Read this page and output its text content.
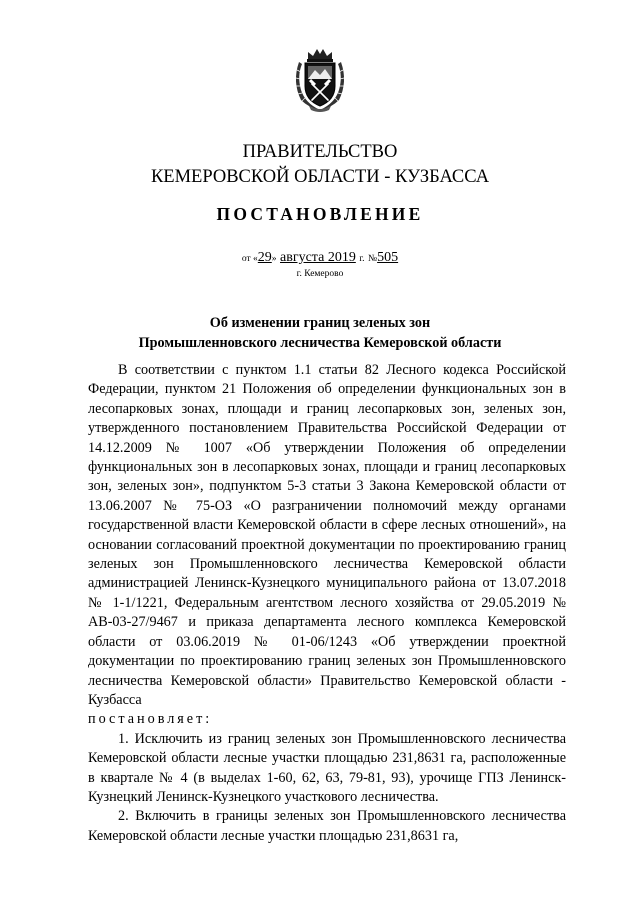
ПРАВИТЕЛЬСТВО
КЕМЕРОВСКОЙ ОБЛАСТИ - КУЗБАССА
ПОСТАНОВЛЕНИЕ
от «29» августа 2019 г. №505
г. Кемерово
Об изменении границ зеленых зон
Промышленновского лесничества Кемеровской области

В соответствии с пунктом 1.1 статьи 82 Лесного кодекса Российской Федерации, пунктом 21 Положения об определении функциональных зон в лесопарковых зонах, площади и границ лесопарковых зон, зеленых зон, утвержденного постановлением Правительства Российской Федерации от 14.12.2009 № 1007 «Об утверждении Положения об определении функциональных зон в лесопарковых зонах, площади и границ лесопарковых зон, зеленых зон», подпунктом 5-3 статьи 3 Закона Кемеровской области от 13.06.2007 № 75-ОЗ «О разграничении полномочий между органами государственной власти Кемеровской области в сфере лесных отношений», на основании согласований проектной документации по проектированию границ зеленых зон Промышленновского лесничества Кемеровской области администрацией Ленинск-Кузнецкого муниципального района от 13.07.2018 № 1-1/1221, Федеральным агентством лесного хозяйства от 29.05.2019 № АВ-03-27/9467 и приказа департамента лесного комплекса Кемеровской области от 03.06.2019 № 01-06/1243 «Об утверждении проектной документации по проектированию границ зеленых зон Промышленновского лесничества Кемеровской области» Правительство Кемеровской области - Кузбасса

постановляет:

1. Исключить из границ зеленых зон Промышленновского лесничества Кемеровской области лесные участки площадью 231,8631 га, расположенные в квартале № 4 (в выделах 1-60, 62, 63, 79-81, 93), урочище ГПЗ Ленинск-Кузнецкий Ленинск-Кузнецкого участкового лесничества.

2. Включить в границы зеленых зон Промышленновского лесничества Кемеровской области лесные участки площадью 231,8631 га,
